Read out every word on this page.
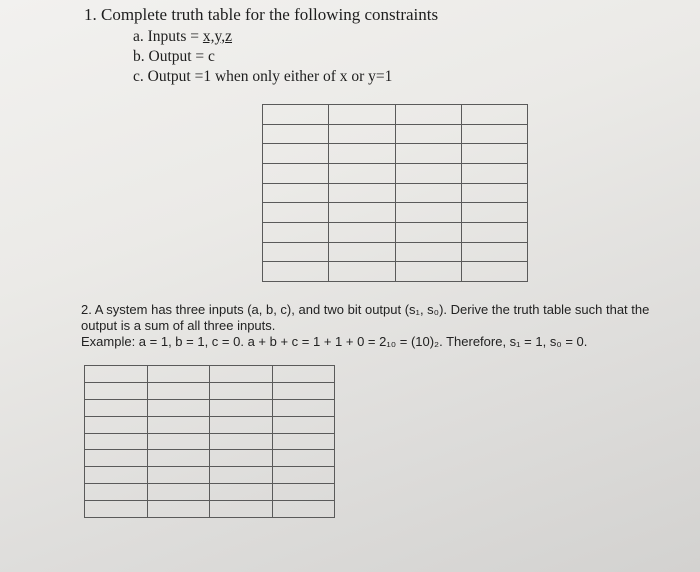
1. Complete truth table for the following constraints
a. Inputs = x,y,z
b. Output = c
c. Output =1 when only either of x or y=1

2. A system has three inputs (a, b, c), and two bit output (s₁, s₀). Derive the truth table such that the
output is a sum of all three inputs.
Example: a = 1, b = 1, c = 0. a + b + c = 1 + 1 + 0 = 2₁₀ = (10)₂. Therefore, s₁ = 1, s₀ = 0.
